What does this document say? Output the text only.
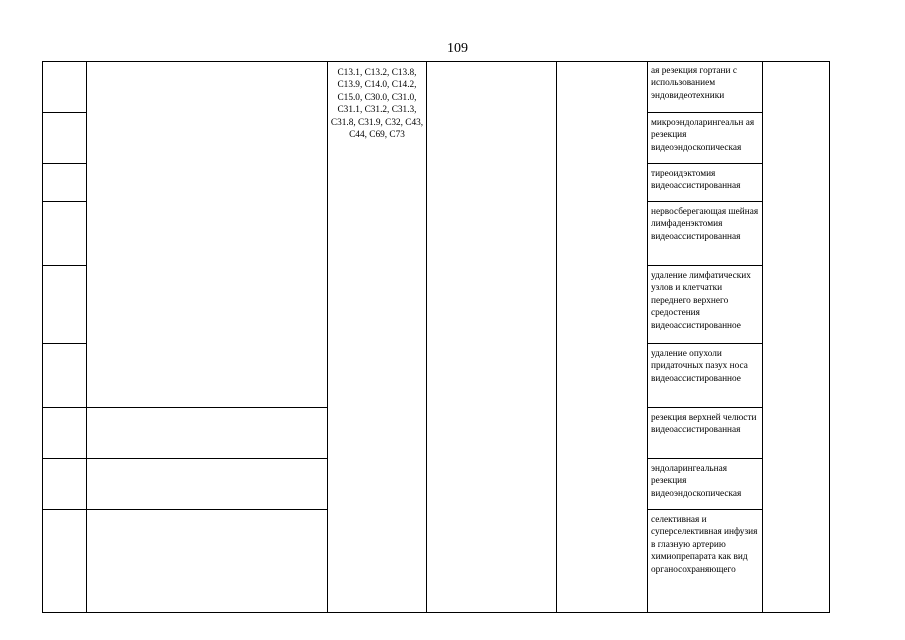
109
		C13.1, C13.2, C13.8, C13.9, C14.0, C14.2, C15.0, C30.0, C31.0, C31.1, C31.2, C31.3, C31.8, C31.9, C32, C43, C44, C69, C73			ая резекция гортани с использованием эндовидеотехники	
					микроэндоларингеальн ая резекция видеоэндоскопическая	
					тиреоидэктомия видеоассистированная	
					нервосберегающая шейная лимфаденэктомия видеоассистированная	
					удаление лимфатических узлов и клетчатки переднего верхнего средостения видеоассистированное	
					удаление опухоли придаточных пазух носа видеоассистированное	
					резекция верхней челюсти видеоассистированная	
					эндоларингеальная резекция видеоэндоскопическая	
					селективная и суперселективная инфузия в глазную артерию химиопрепарата как вид органосохраняющего	
